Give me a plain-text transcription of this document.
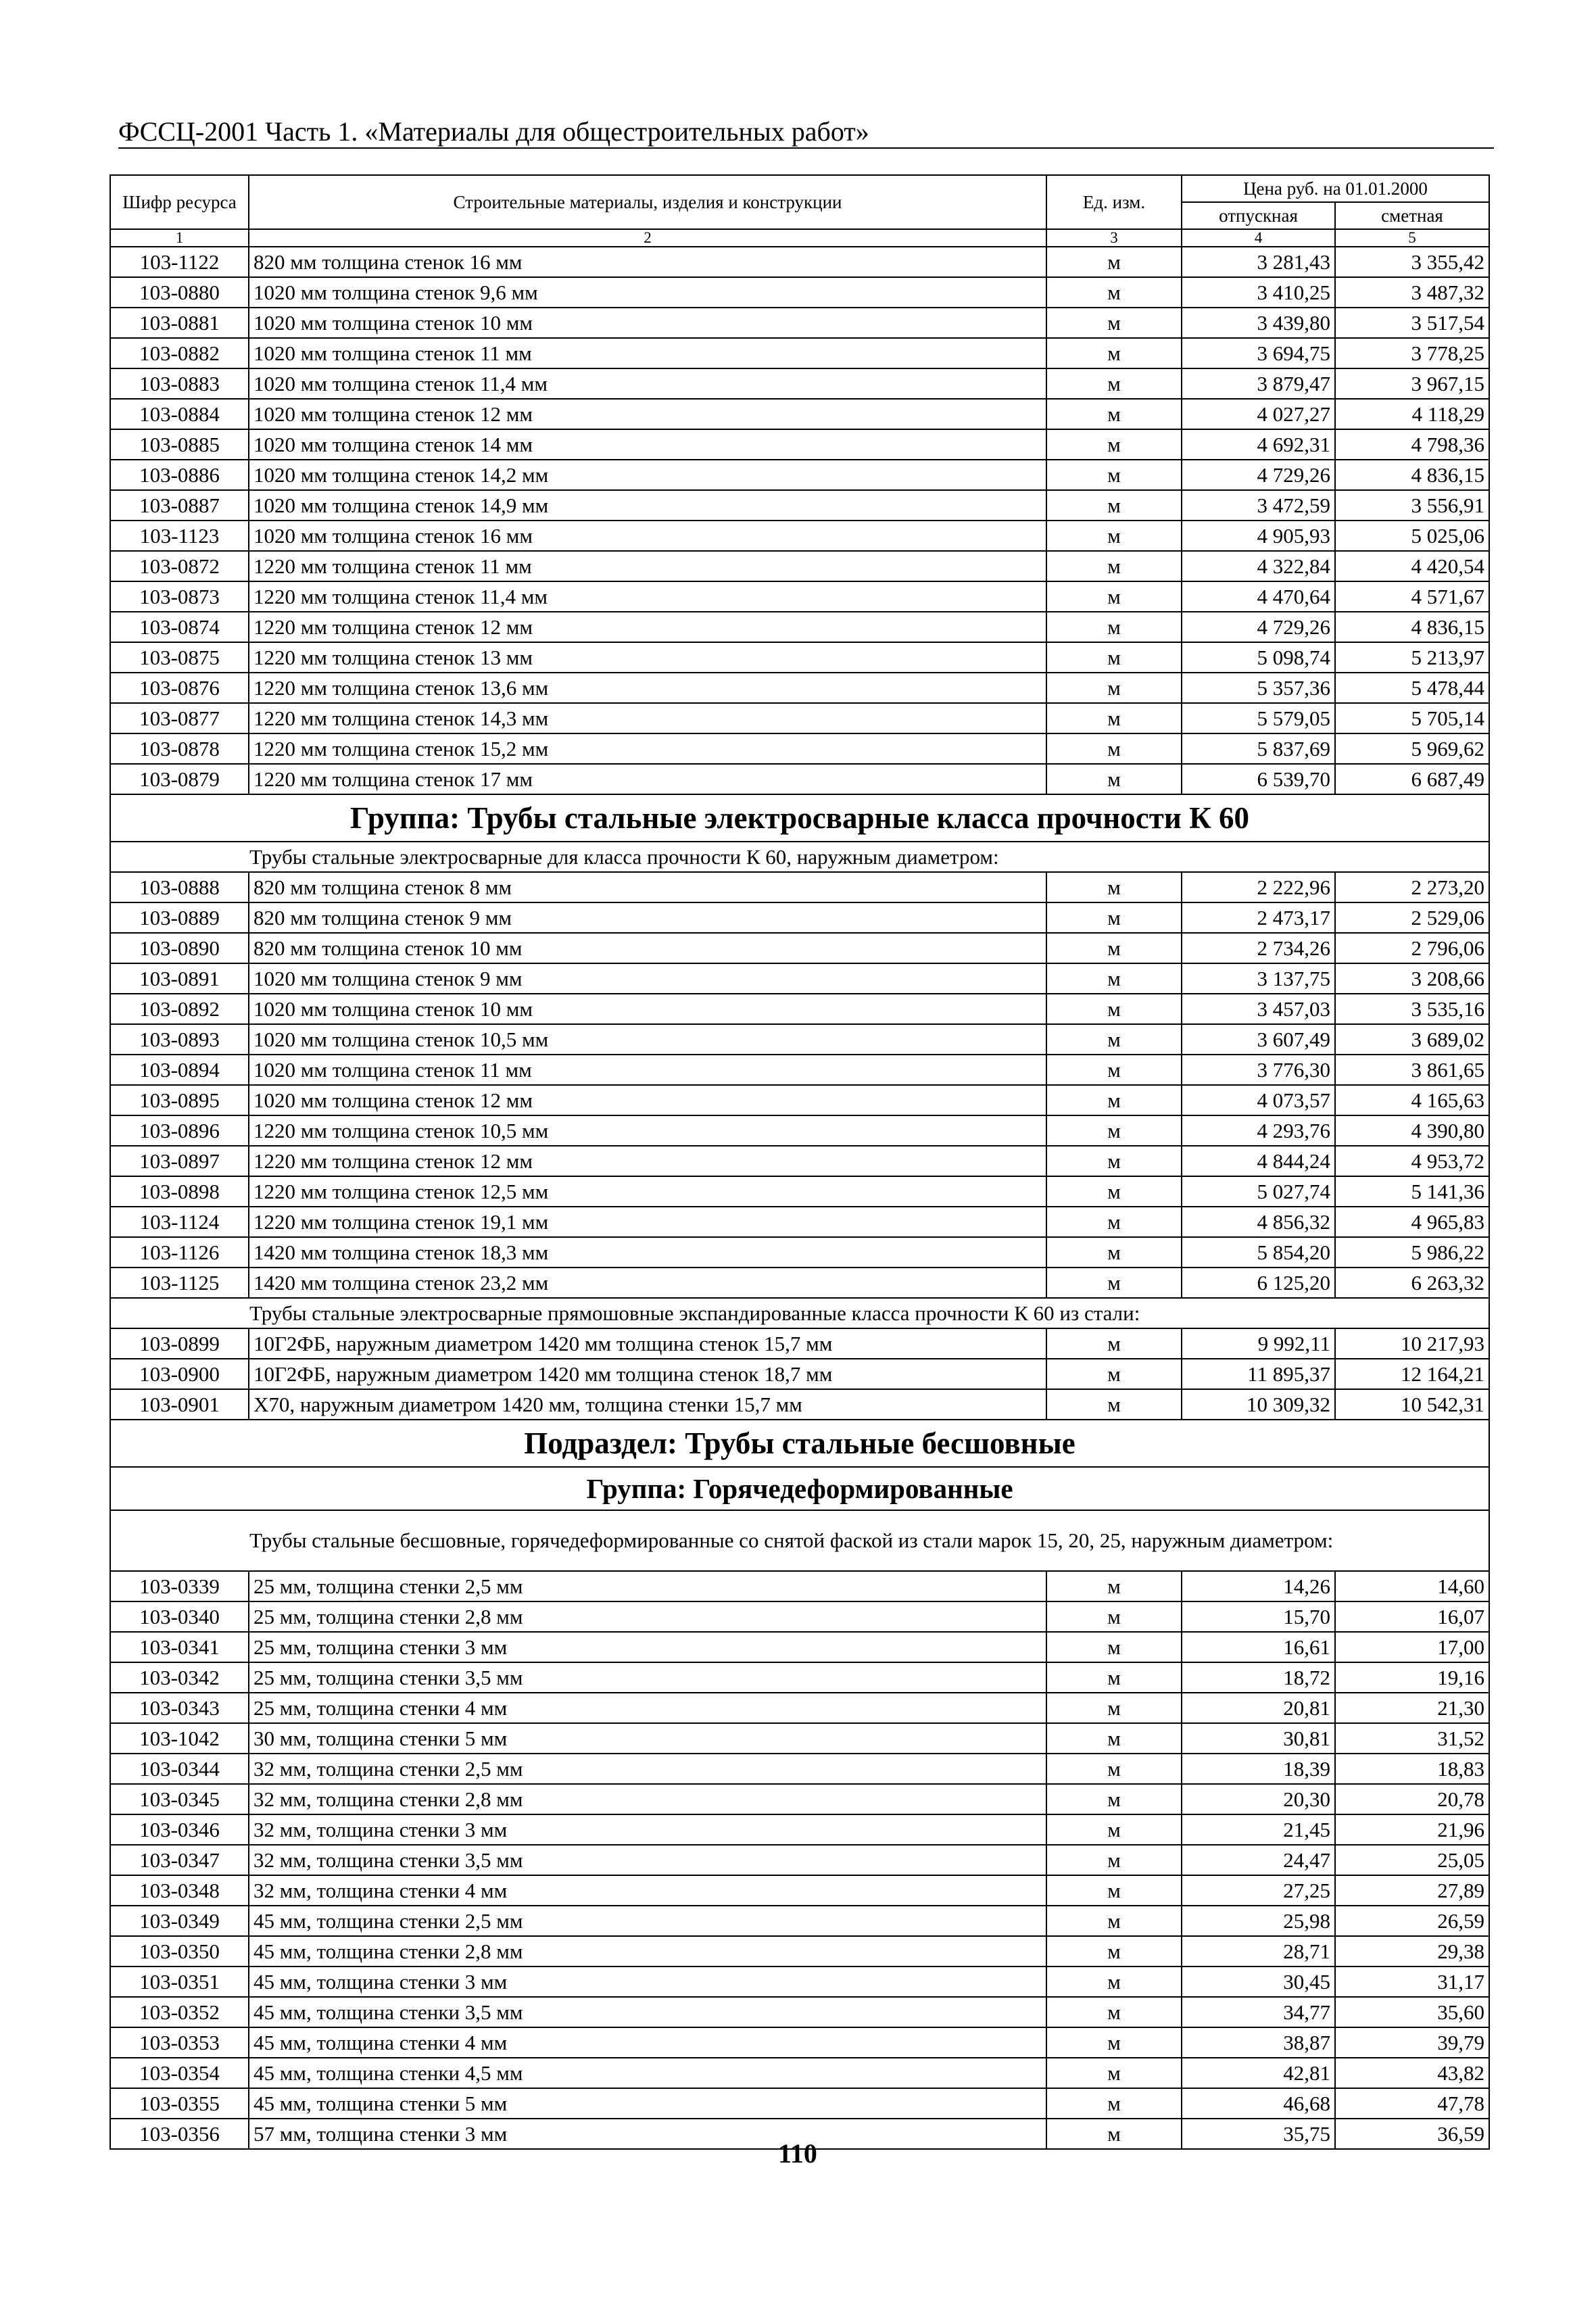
ФССЦ-2001 Часть 1. «Материалы для общестроительных работ»
Шифр ресурса	Строительные материалы, изделия и конструкции	Ед. изм.	Цена руб. на 01.01.2000	
			отпускная	сметная
1	2	3	4	5
103-1122	820 мм толщина стенок 16 мм	м	3 281,43	3 355,42
103-0880	1020 мм толщина стенок 9,6 мм	м	3 410,25	3 487,32
103-0881	1020 мм толщина стенок 10 мм	м	3 439,80	3 517,54
103-0882	1020 мм толщина стенок 11 мм	м	3 694,75	3 778,25
103-0883	1020 мм толщина стенок 11,4 мм	м	3 879,47	3 967,15
103-0884	1020 мм толщина стенок 12 мм	м	4 027,27	4 118,29
103-0885	1020 мм толщина стенок 14 мм	м	4 692,31	4 798,36
103-0886	1020 мм толщина стенок 14,2 мм	м	4 729,26	4 836,15
103-0887	1020 мм толщина стенок 14,9 мм	м	3 472,59	3 556,91
103-1123	1020 мм толщина стенок 16 мм	м	4 905,93	5 025,06
103-0872	1220 мм толщина стенок 11 мм	м	4 322,84	4 420,54
103-0873	1220 мм толщина стенок 11,4 мм	м	4 470,64	4 571,67
103-0874	1220 мм толщина стенок 12 мм	м	4 729,26	4 836,15
103-0875	1220 мм толщина стенок 13 мм	м	5 098,74	5 213,97
103-0876	1220 мм толщина стенок 13,6 мм	м	5 357,36	5 478,44
103-0877	1220 мм толщина стенок 14,3 мм	м	5 579,05	5 705,14
103-0878	1220 мм толщина стенок 15,2 мм	м	5 837,69	5 969,62
103-0879	1220 мм толщина стенок 17 мм	м	6 539,70	6 687,49
Группа: Трубы стальные электросварные класса прочности К 60				
Трубы стальные электросварные для класса прочности К 60, наружным диаметром:				
103-0888	820 мм толщина стенок 8 мм	м	2 222,96	2 273,20
103-0889	820 мм толщина стенок 9 мм	м	2 473,17	2 529,06
103-0890	820 мм толщина стенок 10 мм	м	2 734,26	2 796,06
103-0891	1020 мм толщина стенок 9 мм	м	3 137,75	3 208,66
103-0892	1020 мм толщина стенок 10 мм	м	3 457,03	3 535,16
103-0893	1020 мм толщина стенок 10,5 мм	м	3 607,49	3 689,02
103-0894	1020 мм толщина стенок 11 мм	м	3 776,30	3 861,65
103-0895	1020 мм толщина стенок 12 мм	м	4 073,57	4 165,63
103-0896	1220 мм толщина стенок 10,5 мм	м	4 293,76	4 390,80
103-0897	1220 мм толщина стенок 12 мм	м	4 844,24	4 953,72
103-0898	1220 мм толщина стенок 12,5 мм	м	5 027,74	5 141,36
103-1124	1220 мм толщина стенок 19,1 мм	м	4 856,32	4 965,83
103-1126	1420 мм толщина стенок 18,3 мм	м	5 854,20	5 986,22
103-1125	1420 мм толщина стенок 23,2 мм	м	6 125,20	6 263,32
Трубы стальные электросварные прямошовные экспандированные класса прочности К 60 из стали:				
103-0899	10Г2ФБ, наружным диаметром 1420 мм толщина стенок 15,7 мм	м	9 992,11	10 217,93
103-0900	10Г2ФБ, наружным диаметром 1420 мм толщина стенок 18,7 мм	м	11 895,37	12 164,21
103-0901	Х70, наружным диаметром 1420 мм, толщина стенки 15,7 мм	м	10 309,32	10 542,31
Подраздел: Трубы стальные бесшовные				
Группа: Горячедеформированные				
Трубы стальные бесшовные, горячедеформированные со снятой фаской из стали марок 15, 20, 25, наружным диаметром:				
103-0339	25 мм, толщина стенки 2,5 мм	м	14,26	14,60
103-0340	25 мм, толщина стенки 2,8 мм	м	15,70	16,07
103-0341	25 мм, толщина стенки 3 мм	м	16,61	17,00
103-0342	25 мм, толщина стенки 3,5 мм	м	18,72	19,16
103-0343	25 мм, толщина стенки 4 мм	м	20,81	21,30
103-1042	30 мм, толщина стенки 5 мм	м	30,81	31,52
103-0344	32 мм, толщина стенки 2,5 мм	м	18,39	18,83
103-0345	32 мм, толщина стенки 2,8 мм	м	20,30	20,78
103-0346	32 мм, толщина стенки 3 мм	м	21,45	21,96
103-0347	32 мм, толщина стенки 3,5 мм	м	24,47	25,05
103-0348	32 мм, толщина стенки 4 мм	м	27,25	27,89
103-0349	45 мм, толщина стенки 2,5 мм	м	25,98	26,59
103-0350	45 мм, толщина стенки 2,8 мм	м	28,71	29,38
103-0351	45 мм, толщина стенки 3 мм	м	30,45	31,17
103-0352	45 мм, толщина стенки 3,5 мм	м	34,77	35,60
103-0353	45 мм, толщина стенки 4 мм	м	38,87	39,79
103-0354	45 мм, толщина стенки 4,5 мм	м	42,81	43,82
103-0355	45 мм, толщина стенки 5 мм	м	46,68	47,78
103-0356	57 мм, толщина стенки 3 мм	м	35,75	36,59
110
